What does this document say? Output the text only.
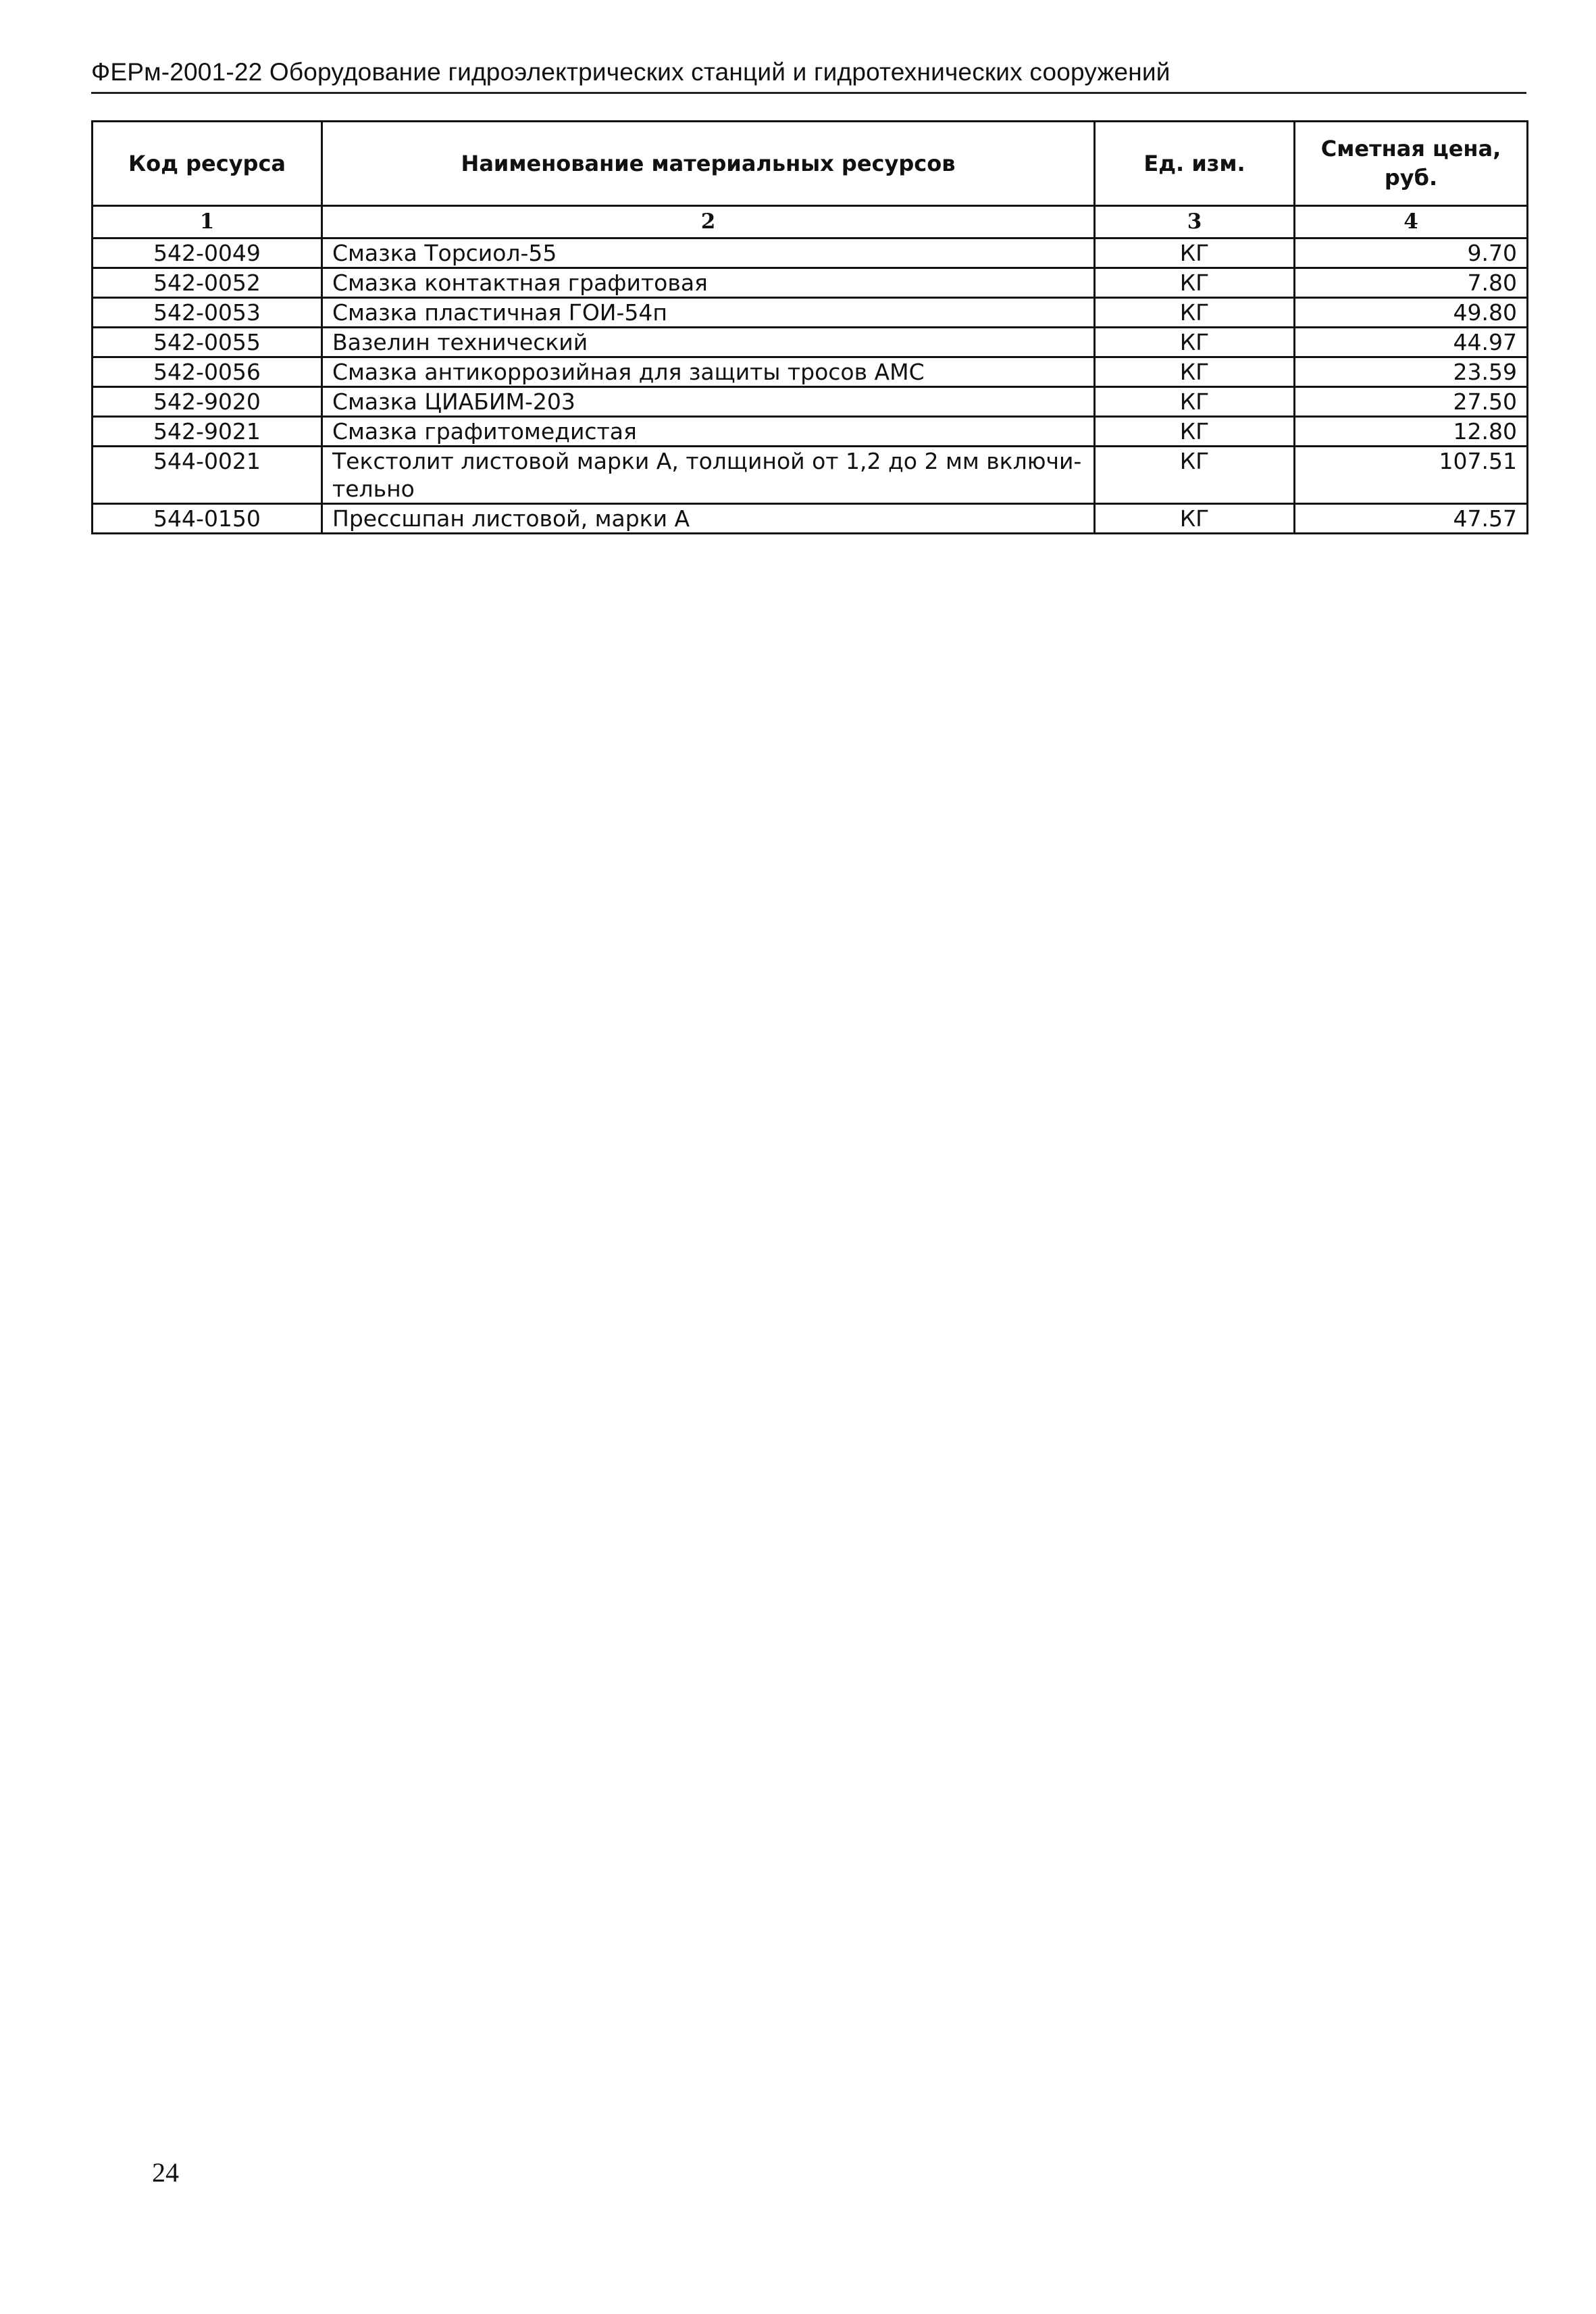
ФЕРм-2001-22 Оборудование гидроэлектрических станций и гидротехнических сооружений
Код ресурса	Наименование материальных ресурсов	Ед. изм.	Сметная цена, руб.
1	2	3	4
542-0049	Смазка Торсиол-55	КГ	9.70
542-0052	Смазка контактная графитовая	КГ	7.80
542-0053	Смазка пластичная ГОИ-54п	КГ	49.80
542-0055	Вазелин технический	КГ	44.97
542-0056	Смазка антикоррозийная для защиты тросов АМС	КГ	23.59
542-9020	Смазка ЦИАБИМ-203	КГ	27.50
542-9021	Смазка графитомедистая	КГ	12.80
544-0021	Текстолит листовой марки А, толщиной от 1,2 до 2 мм включи-тельно	КГ	107.51
544-0150	Прессшпан листовой, марки А	КГ	47.57
24
